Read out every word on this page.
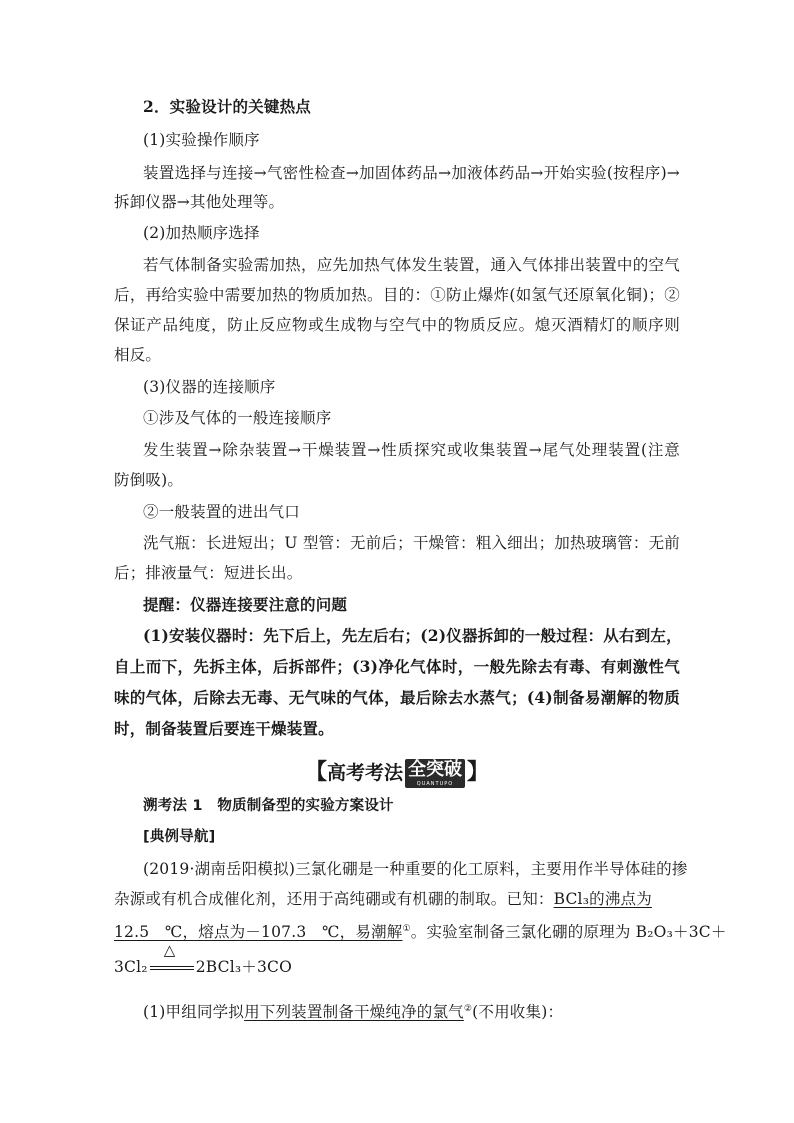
2．实验设计的关键热点
(1)实验操作顺序
装置选择与连接→气密性检查→加固体药品→加液体药品→开始实验(按程序)→
拆卸仪器→其他处理等。
(2)加热顺序选择
若气体制备实验需加热，应先加热气体发生装置，通入气体排出装置中的空气
后，再给实验中需要加热的物质加热。目的：①防止爆炸(如氢气还原氧化铜)；②
保证产品纯度，防止反应物或生成物与空气中的物质反应。熄灭酒精灯的顺序则
相反。
(3)仪器的连接顺序
①涉及气体的一般连接顺序
发生装置→除杂装置→干燥装置→性质探究或收集装置→尾气处理装置(注意
防倒吸)。
②一般装置的进出气口
洗气瓶：长进短出；U 型管：无前后；干燥管：粗入细出；加热玻璃管：无前
后；排液量气：短进长出。
提醒：仪器连接要注意的问题
(1)安装仪器时：先下后上，先左后右；(2)仪器拆卸的一般过程：从右到左，
自上而下，先拆主体，后拆部件；(3)净化气体时，一般先除去有毒、有刺激性气
味的气体，后除去无毒、无气味的气体，最后除去水蒸气；(4)制备易潮解的物质
时，制备装置后要连干燥装置。
【高考考法 全突破
QUANTUPO 】
溯考法 1　物质制备型的实验方案设计
[典例导航]
(2019·湖南岳阳模拟)三氯化硼是一种重要的化工原料，主要用作半导体硅的掺
杂源或有机合成催化剂，还用于高纯硼或有机硼的制取。已知：BCl₃的沸点为
12.5　℃，熔点为－107.3　℃，易潮解①。实验室制备三氯化硼的原理为 B₂O₃＋3C＋
3Cl₂
△
2BCl₃＋3CO
(1)甲组同学拟用下列装置制备干燥纯净的氯气②(不用收集)：
